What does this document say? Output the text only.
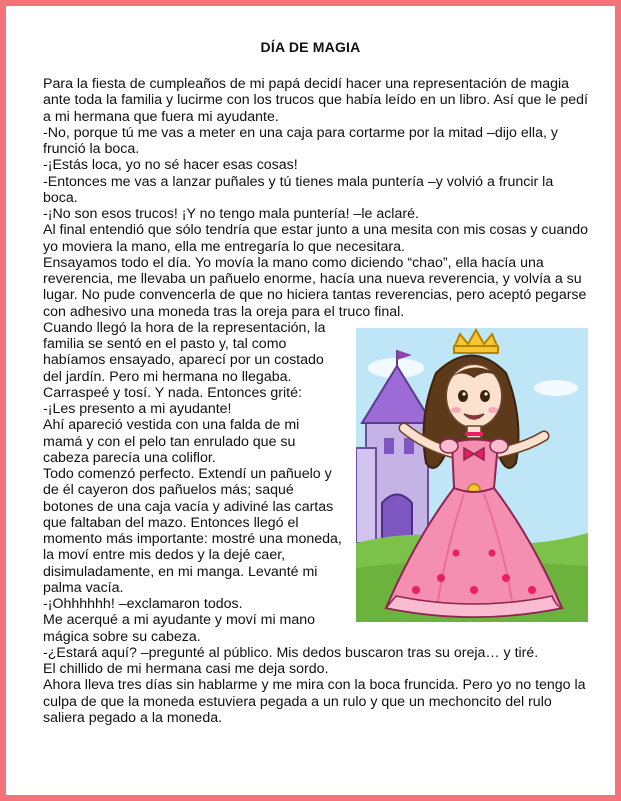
DÍA DE MAGIA

Para la fiesta de cumpleaños de mi papá decidí hacer una representación de magia ante toda la familia y lucirme con los trucos que había leído en un libro. Así que le pedí a mi hermana que fuera mi ayudante.

-No, porque tú me vas a meter en una caja para cortarme por la mitad –dijo ella, y frunció la boca.

-¡Estás loca, yo no sé hacer esas cosas!

-Entonces me vas a lanzar puñales y tú tienes mala puntería –y volvió a fruncir la boca.

-¡No son esos trucos! ¡Y no tengo mala puntería! –le aclaré.

Al final entendió que sólo tendría que estar junto a una mesita con mis cosas y cuando yo moviera la mano, ella me entregaría lo que necesitara.

Ensayamos todo el día. Yo movía la mano como diciendo “chao”, ella hacía una reverencia, me llevaba un pañuelo enorme, hacía una nueva reverencia, y volvía a su lugar. No pude convencerla de que no hiciera tantas reverencias, pero aceptó pegarse con adhesivo una moneda tras la oreja para el truco final.

Cuando llegó la hora de la representación, la familia se sentó en el pasto y, tal como habíamos ensayado, aparecí por un costado del jardín. Pero mi hermana no llegaba.

Carraspeé y tosí. Y nada. Entonces grité:

-¡Les presento a mi ayudante!

Ahí apareció vestida con una falda de mi mamá y con el pelo tan enrulado que su cabeza parecía una coliflor.

Todo comenzó perfecto. Extendí un pañuelo y de él cayeron dos pañuelos más; saqué botones de una caja vacía y adiviné las cartas que faltaban del mazo. Entonces llegó el momento más importante: mostré una moneda, la moví entre mis dedos y la dejé caer, disimuladamente, en mi manga. Levanté mi palma vacía.

-¡Ohhhhhh! –exclamaron todos.

Me acerqué a mi ayudante y moví mi mano mágica sobre su cabeza.

-¿Estará aquí? –pregunté al público. Mis dedos buscaron tras su oreja… y tiré.

El chillido de mi hermana casi me deja sordo.

Ahora lleva tres días sin hablarme y me mira con la boca fruncida. Pero yo no tengo la culpa de que la moneda estuviera pegada a un rulo y que un mechoncito del rulo saliera pegado a la moneda.
